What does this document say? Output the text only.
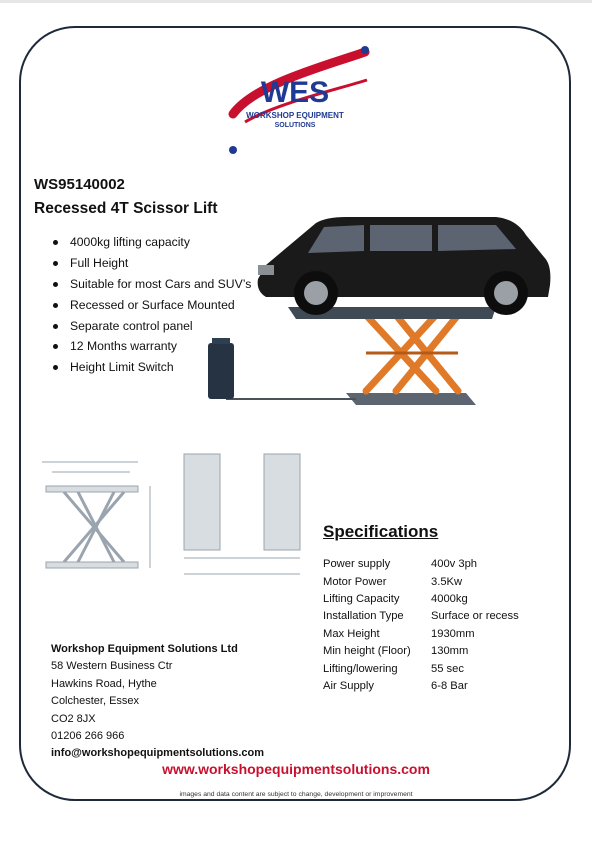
WES
WORKSHOP EQUIPMENT
SOLUTIONS
WS95140002
Recessed 4T Scissor Lift
4000kg lifting capacity
Full Height
Suitable for most Cars and SUV’s
Recessed or Surface Mounted
Separate control panel
12 Months warranty
Height Limit Switch
Specifications
Power supply	400v 3ph
Motor Power	3.5Kw
Lifting Capacity	4000kg
Installation Type	Surface or recess
Max Height	1930mm
Min height (Floor)	130mm
Lifting/lowering	55 sec
Air Supply	6-8 Bar
Workshop Equipment Solutions Ltd
58 Western Business Ctr
Hawkins Road, Hythe
Colchester, Essex
CO2 8JX
01206 266 966
info@workshopequipmentsolutions.com
www.workshopequipmentsolutions.com
images and data content are subject to change, development or improvement
